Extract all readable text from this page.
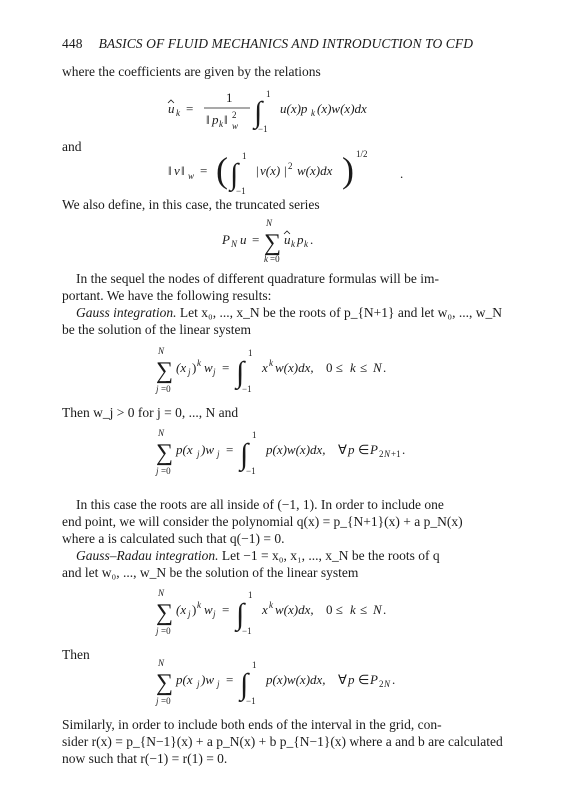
448 BASICS OF FLUID MECHANICS AND INTRODUCTION TO CFD
where the coefficients are given by the relations
u k =
1
‖ p k ‖ 2
w ∫
1
−1
u(x)p k (x)w(x)dx
and
‖ v ‖ w = ( ∫
1
−1
| v(x) | 2 w(x)dx ) 1/2
.
We also define, in this case, the truncated series
P N u =
N
∑
k =0
u k p k .
In the sequel the nodes of different quadrature formulas will be im-
portant. We have the following results:
Gauss integration. Let x₀, ..., x_N be the roots of p_{N+1} and let w₀, ..., w_N
be the solution of the linear system
N
∑
j =0
(x j ) k w j = ∫
1
−1
x k w(x)dx, 0 ≤ k ≤ N .
Then w_j > 0 for j = 0, ..., N and
N
∑
j =0
p(x j )w j = ∫
1
−1
p(x)w(x)dx, ∀ p ∈ P 2 N +1 .
In this case the roots are all inside of (−1, 1). In order to include one
end point, we will consider the polynomial q(x) = p_{N+1}(x) + a p_N(x)
where a is calculated such that q(−1) = 0.
Gauss–Radau integration. Let −1 = x₀, x₁, ..., x_N be the roots of q
and let w₀, ..., w_N be the solution of the linear system
N
∑
j =0
(x j ) k w j = ∫
1
−1
x k w(x)dx, 0 ≤ k ≤ N .
Then
N
∑
j =0
p(x j )w j = ∫
1
−1
p(x)w(x)dx, ∀ p ∈ P 2 N .
Similarly, in order to include both ends of the interval in the grid, con-
sider r(x) = p_{N−1}(x) + a p_N(x) + b p_{N−1}(x) where a and b are calculated
now such that r(−1) = r(1) = 0.
